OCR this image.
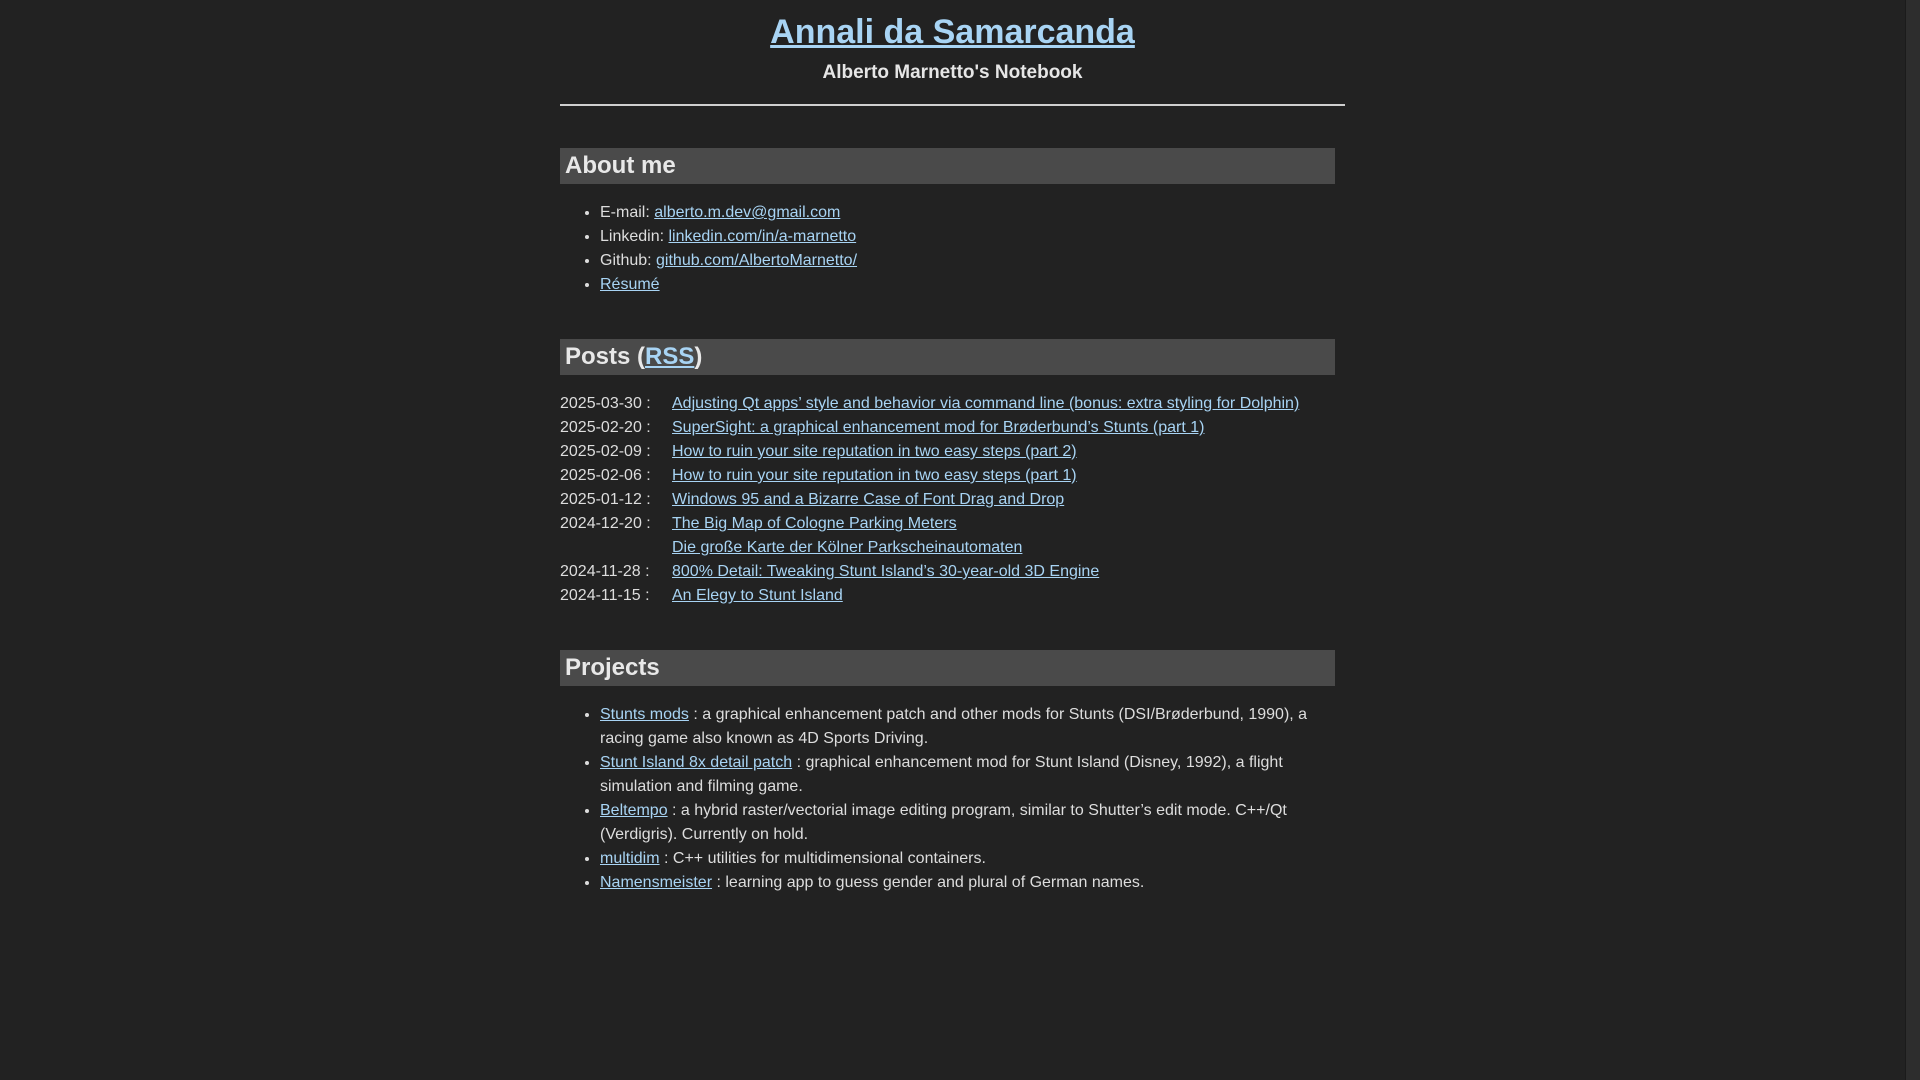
Annali da Samarcanda
Alberto Marnetto's Notebook
About me
• E-mail: alberto.m.dev@gmail.com
• Linkedin: linkedin.com/in/a-marnetto
• Github: github.com/AlbertoMarnetto/
• Résumé
Posts (RSS)
2025-03-30 :	Adjusting Qt apps’ style and behavior via command line (bonus: extra styling for Dolphin)
2025-02-20 :	SuperSight: a graphical enhancement mod for Brøderbund’s Stunts (part 1)
2025-02-09 :	How to ruin your site reputation in two easy steps (part 2)
2025-02-06 :	How to ruin your site reputation in two easy steps (part 1)
2025-01-12 :	Windows 95 and a Bizarre Case of Font Drag and Drop
2024-12-20 :	The Big Map of Cologne Parking Meters
Die große Karte der Kölner Parkscheinautomaten
2024-11-28 :	800% Detail: Tweaking Stunt Island’s 30-year-old 3D Engine
2024-11-15 :	An Elegy to Stunt Island
Projects
• Stunts mods : a graphical enhancement patch and other mods for Stunts (DSI/Brøderbund, 1990), a racing game also known as 4D Sports Driving.
• Stunt Island 8x detail patch : graphical enhancement mod for Stunt Island (Disney, 1992), a flight simulation and filming game.
• Beltempo : a hybrid raster/vectorial image editing program, similar to Shutter’s edit mode. C++/Qt (Verdigris). Currently on hold.
• multidim : C++ utilities for multidimensional containers.
• Namensmeister : learning app to guess gender and plural of German names.
